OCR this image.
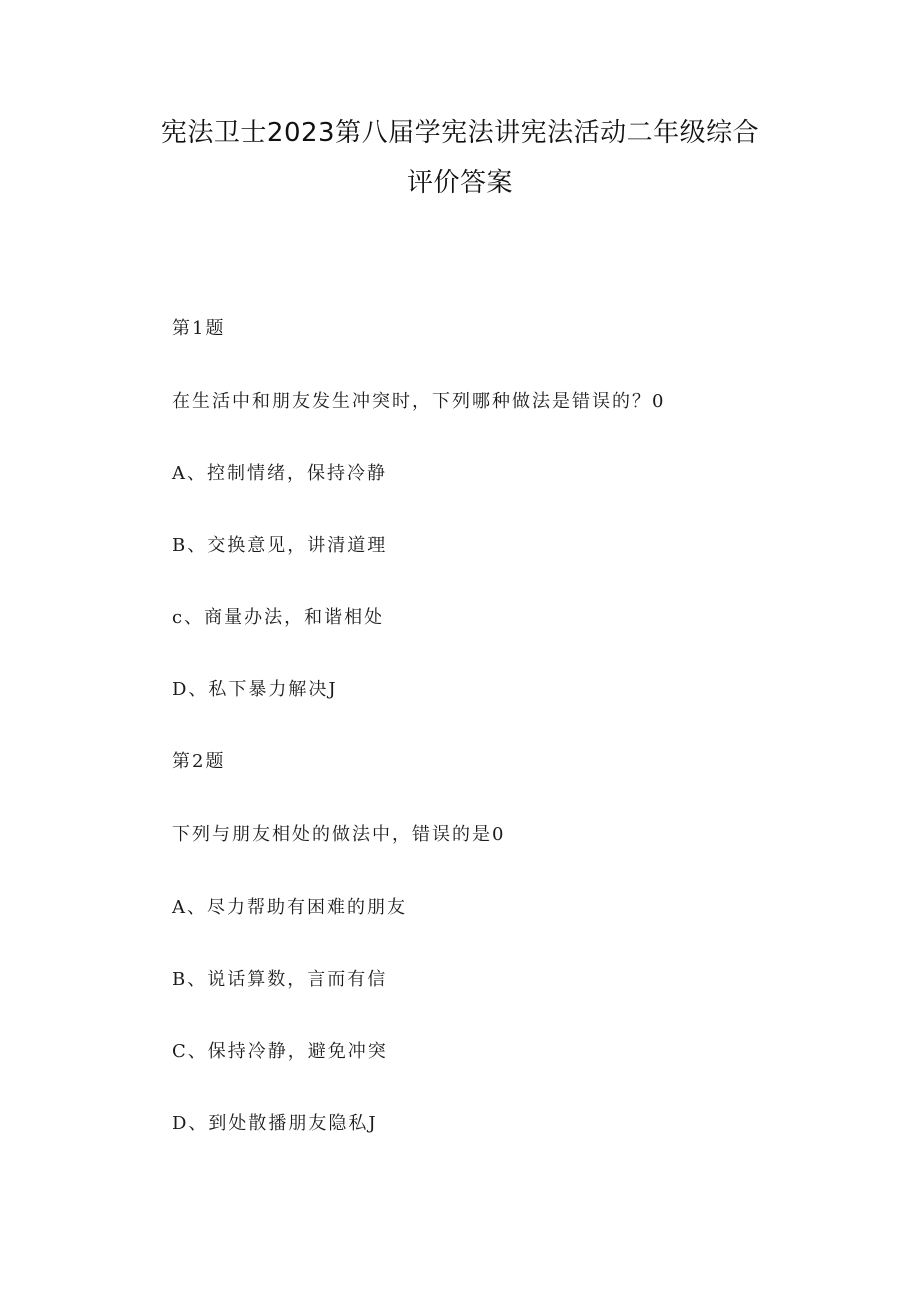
宪法卫士2023第八届学宪法讲宪法活动二年级综合
评价答案
第1题
在生活中和朋友发生冲突时，下列哪种做法是错误的？0
A、控制情绪，保持冷静
B、交换意见，讲清道理
c、商量办法，和谐相处
D、私下暴力解决J
第2题
下列与朋友相处的做法中，错误的是0
A、尽力帮助有困难的朋友
B、说话算数，言而有信
C、保持冷静，避免冲突
D、到处散播朋友隐私J
